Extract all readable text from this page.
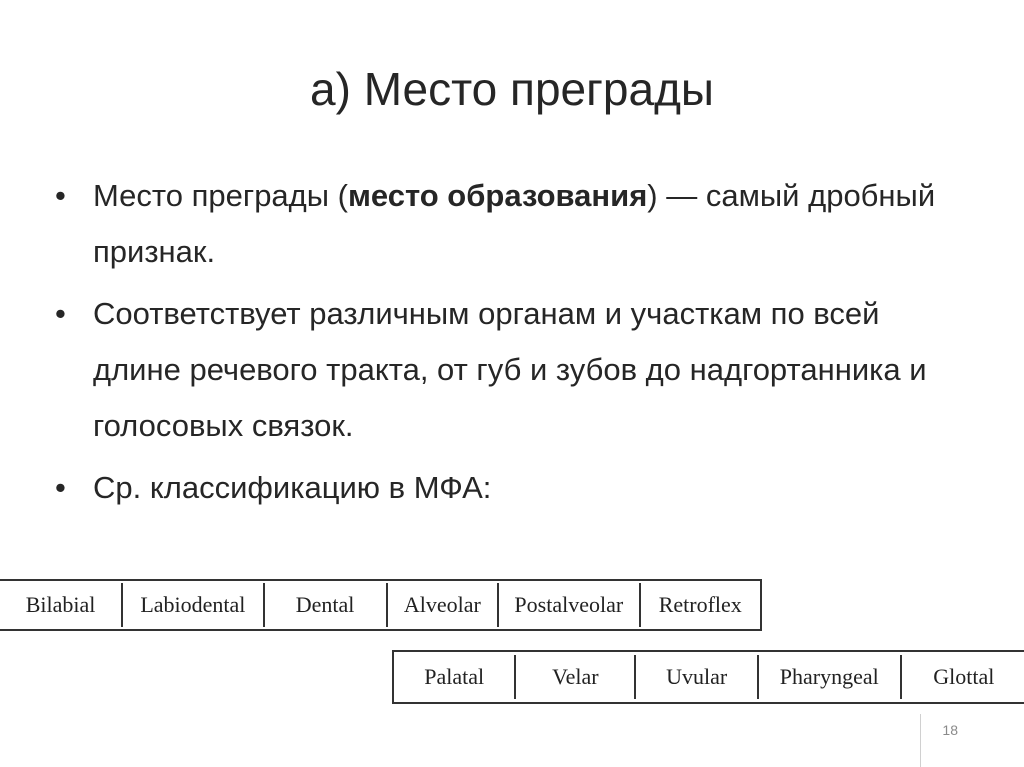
а) Место преграды
• Место преграды (место образования) — самый дробный признак.
• Соответствует различным органам и участкам по всей длине речевого тракта, от губ и зубов до надгортанника и голосовых связок.
• Ср. классификацию в МФА:
Bilabial	Labiodental	Dental	Alveolar	Postalveolar	Retroflex
Palatal	Velar	Uvular	Pharyngeal	Glottal
18
